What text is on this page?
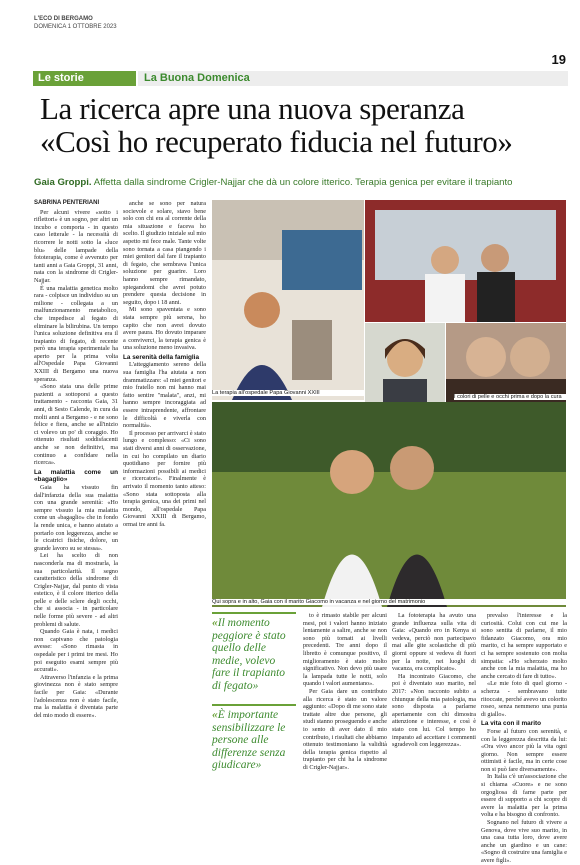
L'ECO DI BERGAMO
DOMENICA 1 OTTOBRE 2023
19
Le storie	La Buona Domenica
La ricerca apre una nuova speranza
«Così ho recuperato fiducia nel futuro»
Gaia Groppi. Affetta dalla sindrome Crigler-Najjar che dà un colore itterico. Terapia genica per evitare il trapianto
SABRINA PENTERIANI

Per alcuni vivere «sotto i riflettori» è un sogno, per altri un incubo e comporta - in questo caso letterale - la necessità di ricorrere le notti sotto la «luce blu» delle lampade della fototerapia, come è avvenuto per tanti anni a Gaia Groppi, 31 anni, nata con la sindrome di Crigler-Najjar.

È una malattia genetica molto rara - colpisce un individuo su un milione - collegata a un malfunzionamento metabolico, che impedisce al fegato di eliminare la bilirubina. Un tempo l'unica soluzione definitiva era il trapianto di fegato, di recente però una terapia sperimentale ha aperto per la prima volta all'Ospedale Papa Giovanni XXIII di Bergamo una nuova speranza.

«Sono stata una delle prime pazienti a sottoporsi a questo trattamento - racconta Gaia, 31 anni, di Sesto Calende, in cura da molti anni a Bergamo - e ne sono felice e fiera, anche se all'inizio ci volevo un po' di coraggio. Ho ottenuto risultati soddisfacenti anche se non definitivi, ma continuo a confidare nella ricerca».

La malattia come un «bagaglio»

Gaia ha vissuto fin dall'infanzia della sua malattia con una grande serenità: «Ho sempre vissuto la mia malattia come un «bagaglio» che in fondo la rende unica, e hanno aiutato a portarlo con leggerezza, anche se le cicatrici fisiche, dolore, un grande lavoro su se stessa».

Lei ha scelto di non nasconderla ma di mostrarla, la sua particolarità. Il segno caratteristico della sindrome di Crigler-Najjar, dal punto di vista estetico, è il colore itterico della pelle e delle sclere degli occhi, che si associa - in particolare nelle forme più severe - ad altri problemi di salute.

Quando Gaia è nata, i medici non capivano che patologia avesse: «Sono rimasta in ospedale per i primi tre mesi. Ho poi eseguito esami sempre più accurati».

Attraverso l'infanzia e la prima giovinezza non è stato sempre facile per Gaia: «Durante l'adolescenza non è stato facile, ma la malattia è diventata parte del mio modo di essere».

anche se sono per natura socievole e solare, stavo bene solo con chi era al corrente della mia situazione e faceva ho scelto. Il giudizio iniziale sul mio aspetto mi fece male. Tante volte sono tornata a casa piangendo i miei genitori dal fare il trapianto di fegato, che sembrava l'unica soluzione per guarire. Loro hanno sempre rimandato, spiegandomi che avrei potuto prendere questa decisione in seguito, dopo i 18 anni.

Mi sono spaventata e sono stata sempre più serena, ho capito che non avrei dovuto avere paura. Ho dovuto imparare a conviverci, la terapia genica è una soluzione meno invasiva.

La serenità della famiglia

L'atteggiamento sereno della sua famiglia l'ha aiutata a non drammatizzare: «I miei genitori e mio fratello non mi hanno mai fatto sentire "malata", anzi, mi hanno sempre incoraggiata ad essere intraprendente, affrontare le difficoltà e viverla con normalità».

Il processo per arrivarci è stato lungo e complesso: «Ci sono stati diversi anni di osservazione, in cui ho compilato un diario quotidiano per fornire più informazioni possibili ai medici e ricercatori». Finalmente è arrivato il momento tanto atteso: «Sono stata sottoposta alla terapia genica, una dei primi nel mondo, all'ospedale Papa Giovanni XXIII di Bergamo, ormai tre anni fa.

La terapia all'ospedale Papa Giovanni XXIII
I colori di pelle e occhi prima e dopo la cura
Qui sopra e in alto, Gaia con il marito Giacomo in vacanza e nel giorno del matrimonio
«Il momento peggiore è stato quello delle medie, volevo fare il trapianto di fegato»
«È importante sensibilizzare le persone alle differenze senza giudicare»

to è rimasto stabile per alcuni mesi, poi i valori hanno iniziato lentamente a salire, anche se non sono più tornati ai livelli precedenti. Tre anni dopo il libretto è comunque positivo, il miglioramento è stato molto significativo. Non devo più usare la lampada tutte le notti, solo quando i valori aumentano».

Per Gaia dare un contributo alla ricerca è stato un valore aggiunto: «Dopo di me sono state trattate altre due persone, gli studi stanno proseguendo e anche io sento di aver dato il mio contributo, i risultati che abbiamo ottenuto testimoniano la validità della terapia genica rispetto al trapianto per chi ha la sindrome di Crigler-Najjar».

La fototerapia ha avuto una grande influenza sulla vita di Gaia: «Quando ero in Kenya si vedeva, perciò non partecipavo mai alle gite scolastiche di più giorni oppure si vedeva di fuori per la notte, nei luoghi di vacanza, era complicato».

Ha incontrato Giacomo, che poi è diventato suo marito, nel 2017: «Non racconto subito a chiunque della mia patologia, ma sono disposta a parlarne apertamente con chi dimostra attenzione e interesse, e così è stato con lui. Col tempo ho imparato ad accettare i commenti sgradevoli con leggerezza».

prevalso l'interesse e la curiosità. Colui con cui me la sono sentita di parlarne, il mio fidanzato Giacomo, ora mio marito, ci ha sempre supportato e ci ha sempre sostenuto con molta simpatia: «Ho scherzato molto anche con la mia malattia, ma ho anche cercato di fare di tutto».

«Le mie foto di quel giorno - scherza - sembravano tutte ritoccate, perché avevo un colorito roseo, senza nemmeno una punta di giallo».

La vita con il marito

Forse al futuro con serenità, e con la leggerezza descritta da lui: «Ora vivo ancor più la vita ogni giorno. Non sempre essere ottimisti è facile, ma in certe cose non si può fare diversamente».

In Italia c'è un'associazione che si chiama «Cuore» e ne sono orgogliosa di farne parte per essere di supporto a chi scopre di avere la malattia per la prima volta e ha bisogno di confronto.

Sognano nel futuro di vivere a Genova, dove vive suo marito, in una casa tutta loro, dove avere anche un giardino e un cane: «Sogno di costruire una famiglia e avere figli».
